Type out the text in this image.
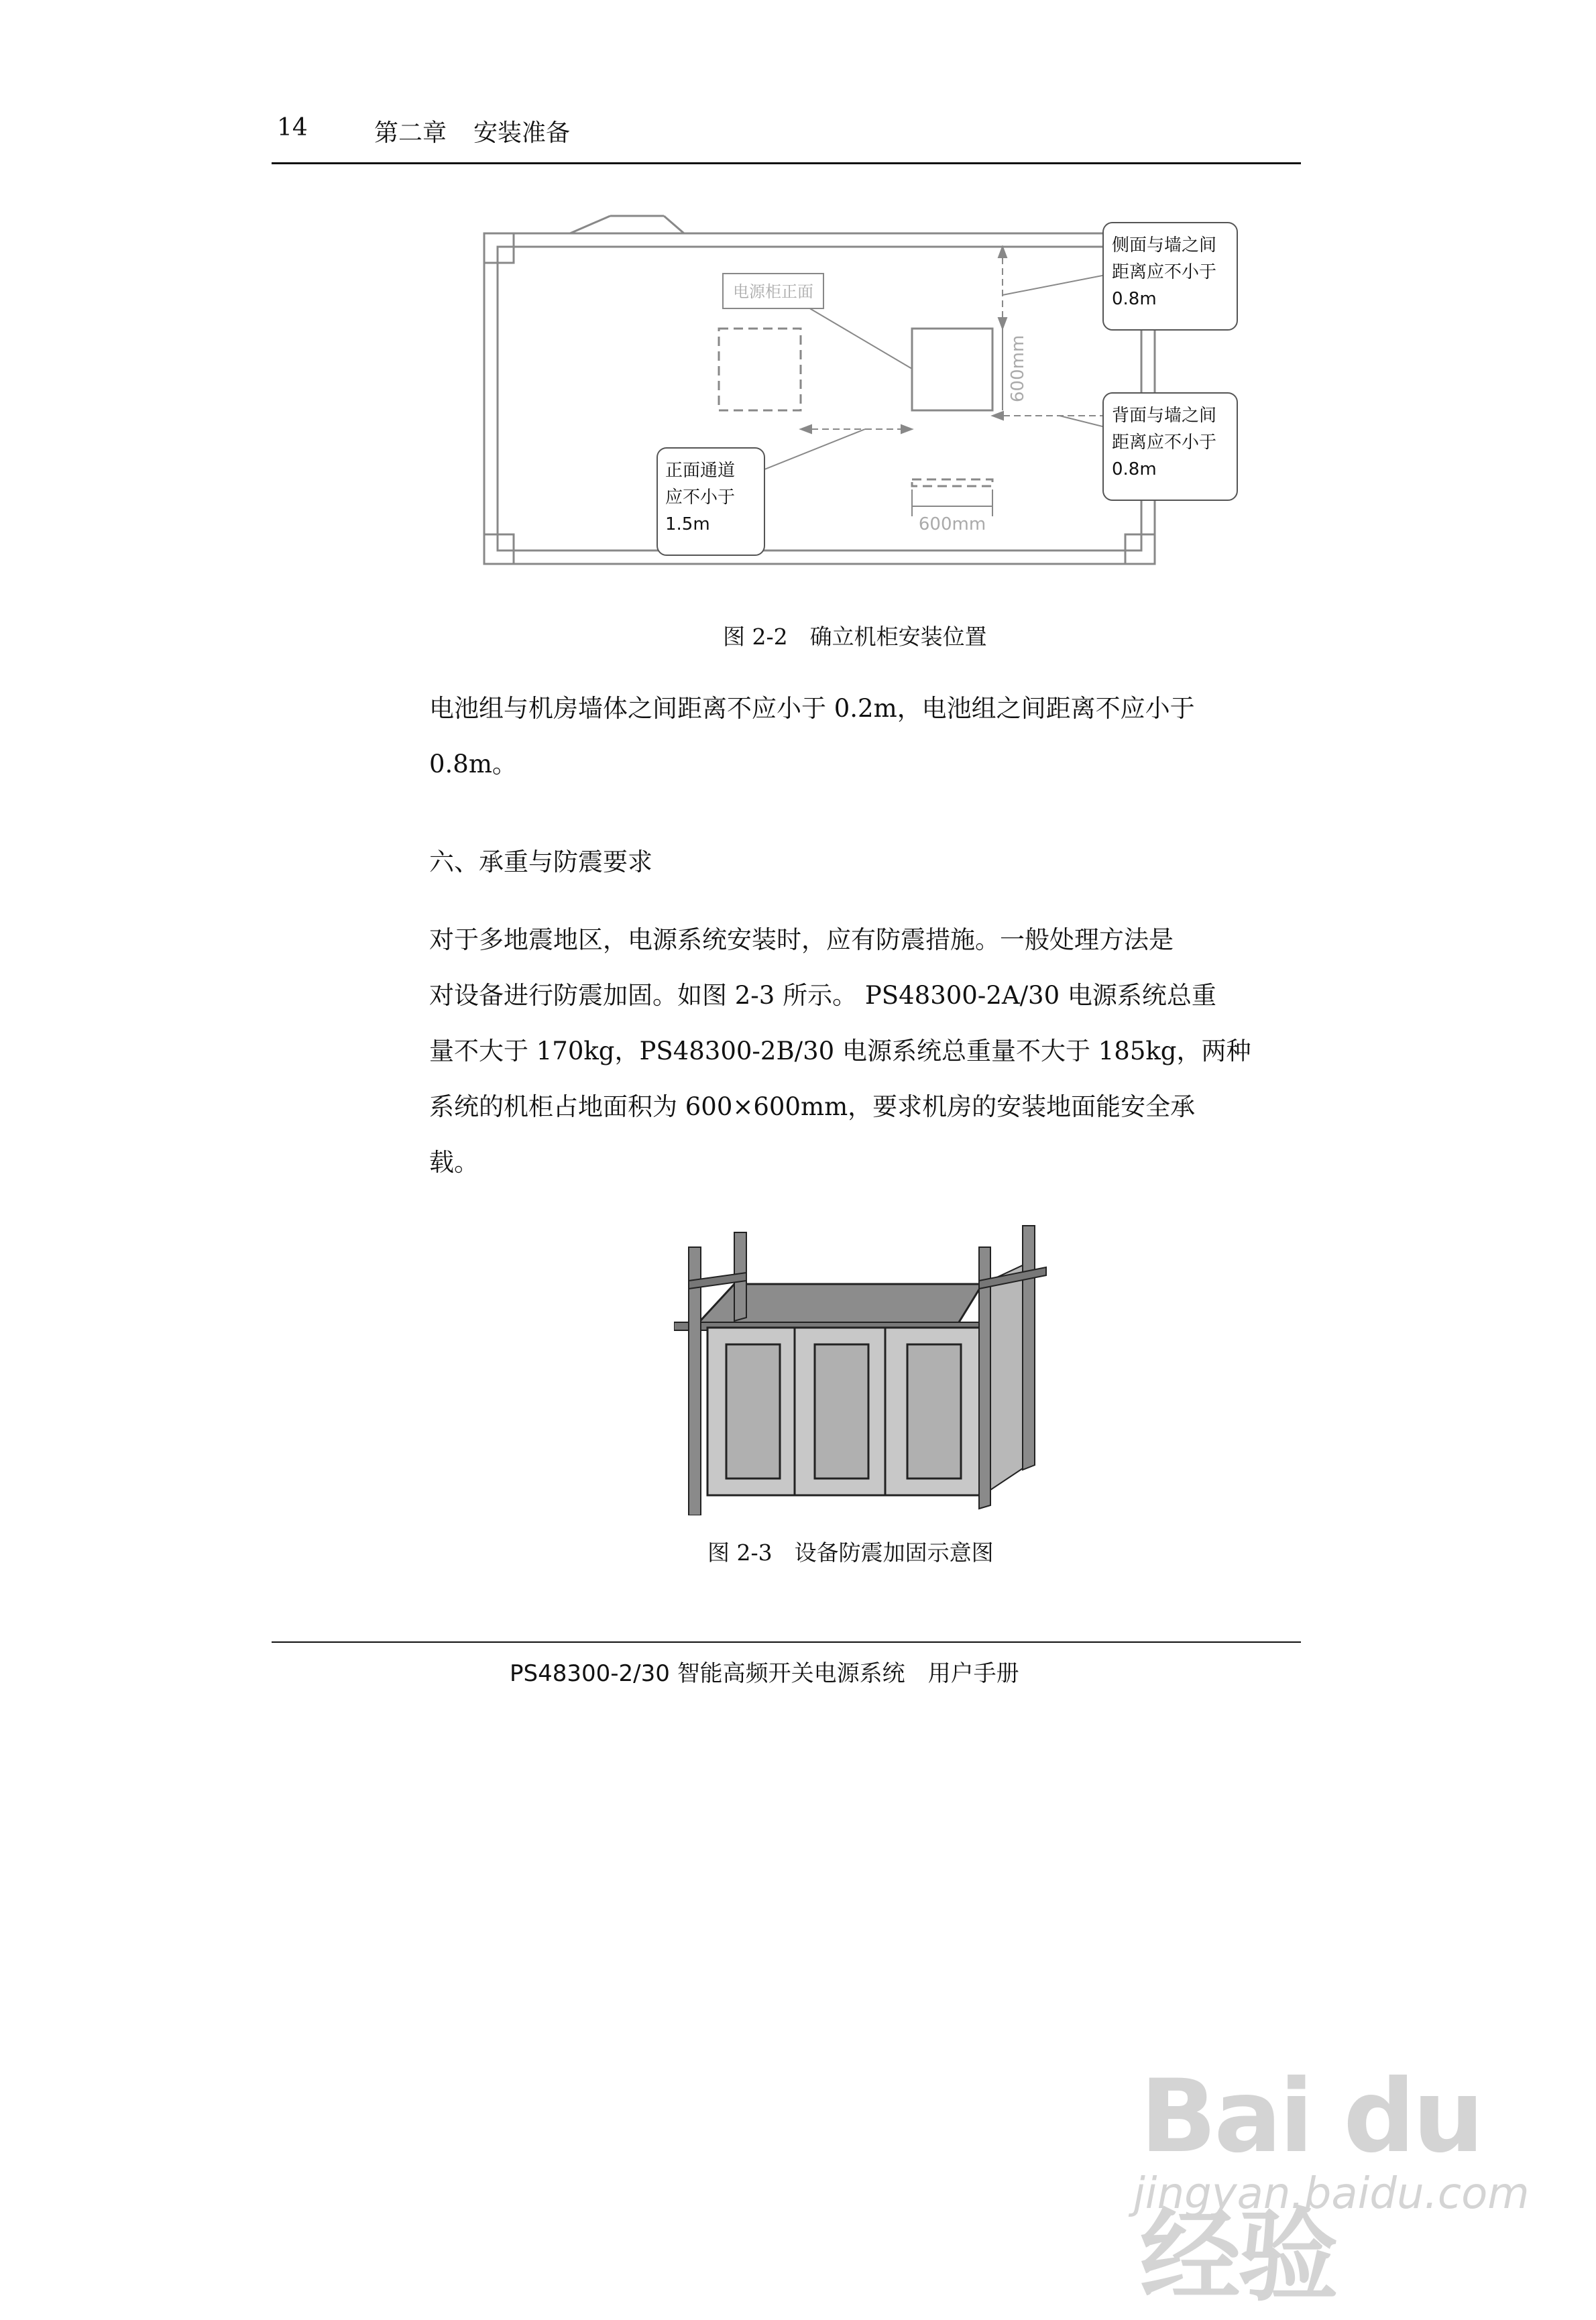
14	第二章 安装准备
电源柜正面
600mm
600mm
侧面与墙之间
距离应不小于
0.8m
背面与墙之间
距离应不小于
0.8m
正面通道
应不小于
1.5m
图 2-2　确立机柜安装位置

电池组与机房墙体之间距离不应小于 0.2m，电池组之间距离不应小于

0.8m。

六、承重与防震要求

对于多地震地区，电源系统安装时，应有防震措施。一般处理方法是

对设备进行防震加固。如图 2-3 所示。 PS48300-2A/30 电源系统总重

量不大于 170kg，PS48300-2B/30 电源系统总重量不大于 185kg，两种

系统的机柜占地面积为 600×600mm，要求机房的安装地面能安全承

载。

图 2-3　设备防震加固示意图
PS48300-2/30 智能高频开关电源系统　用户手册
Bai du 经验
jingyan.baidu.com
